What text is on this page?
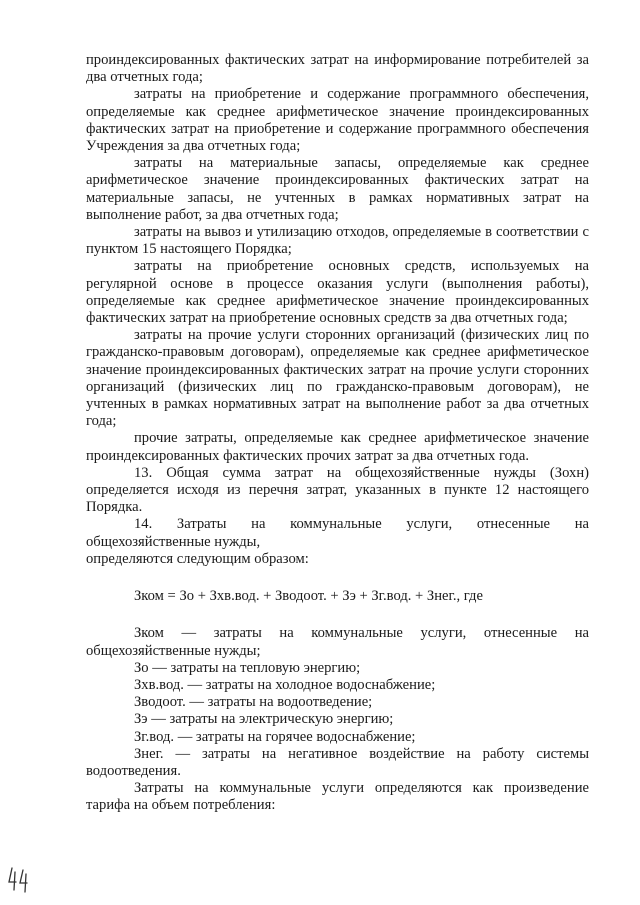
проиндексированных фактических затрат на информирование потребителей за два отчетных года;

затраты на приобретение и содержание программного обеспечения, определяемые как среднее арифметическое значение проиндексированных фактических затрат на приобретение и содержание программного обеспечения Учреждения за два отчетных года;

затраты на материальные запасы, определяемые как среднее арифметическое значение проиндексированных фактических затрат на материальные запасы, не учтенных в рамках нормативных затрат на выполнение работ, за два отчетных года;

затраты на вывоз и утилизацию отходов, определяемые в соответствии с пунктом 15 настоящего Порядка;

затраты на приобретение основных средств, используемых на регулярной основе в процессе оказания услуги (выполнения работы), определяемые как среднее арифметическое значение проиндексированных фактических затрат на приобретение основных средств за два отчетных года;

затраты на прочие услуги сторонних организаций (физических лиц по гражданско-правовым договорам), определяемые как среднее арифметическое значение проиндексированных фактических затрат на прочие услуги сторонних организаций (физических лиц по гражданско-правовым договорам), не учтенных в рамках нормативных затрат на выполнение работ за два отчетных года;

прочие затраты, определяемые как среднее арифметическое значение проиндексированных фактических прочих затрат за два отчетных года.

13. Общая сумма затрат на общехозяйственные нужды (Зохн) определяется исходя из перечня затрат, указанных в пункте 12 настоящего Порядка.

14. Затраты на коммунальные услуги, отнесенные на общехозяйственные нужды,

определяются следующим образом:

Зком = Зо + Зхв.вод. + Зводоот. + Зэ + Зг.вод. + Знег., где

Зком — затраты на коммунальные услуги, отнесенные на общехозяйственные нужды;

Зо — затраты на тепловую энергию;

Зхв.вод. — затраты на холодное водоснабжение;

Зводоот. — затраты на водоотведение;

Зэ — затраты на электрическую энергию;

Зг.вод. — затраты на горячее водоснабжение;

Знег. — затраты на негативное воздействие на работу системы водоотведения.

Затраты на коммунальные услуги определяются как произведение тарифа на объем потребления:
